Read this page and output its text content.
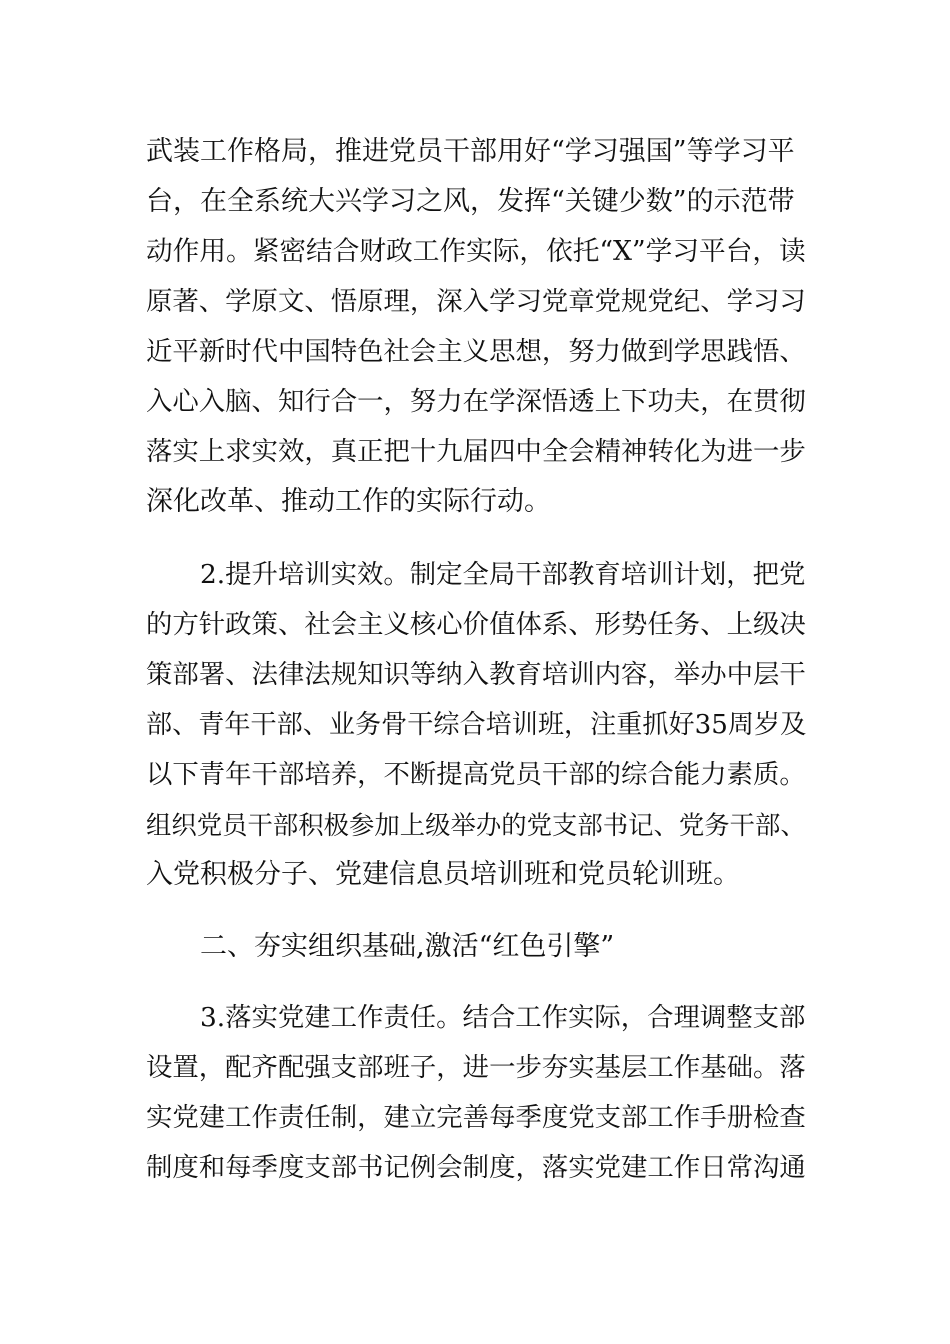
武装工作格局，推进党员干部用好“学习强国”等学习平
台，在全系统大兴学习之风，发挥“关键少数”的示范带
动作用。紧密结合财政工作实际，依托“X”学习平台，读
原著、学原文、悟原理，深入学习党章党规党纪、学习习
近平新时代中国特色社会主义思想，努力做到学思践悟、
入心入脑、知行合一，努力在学深悟透上下功夫，在贯彻
落实上求实效，真正把十九届四中全会精神转化为进一步
深化改革、推动工作的实际行动。
2.提升培训实效。制定全局干部教育培训计划，把党
的方针政策、社会主义核心价值体系、形势任务、上级决
策部署、法律法规知识等纳入教育培训内容，举办中层干
部、青年干部、业务骨干综合培训班，注重抓好35周岁及
以下青年干部培养，不断提高党员干部的综合能力素质。
组织党员干部积极参加上级举办的党支部书记、党务干部、
入党积极分子、党建信息员培训班和党员轮训班。
二、夯实组织基础,激活“红色引擎”
3.落实党建工作责任。结合工作实际，合理调整支部
设置，配齐配强支部班子，进一步夯实基层工作基础。落
实党建工作责任制，建立完善每季度党支部工作手册检查
制度和每季度支部书记例会制度，落实党建工作日常沟通
